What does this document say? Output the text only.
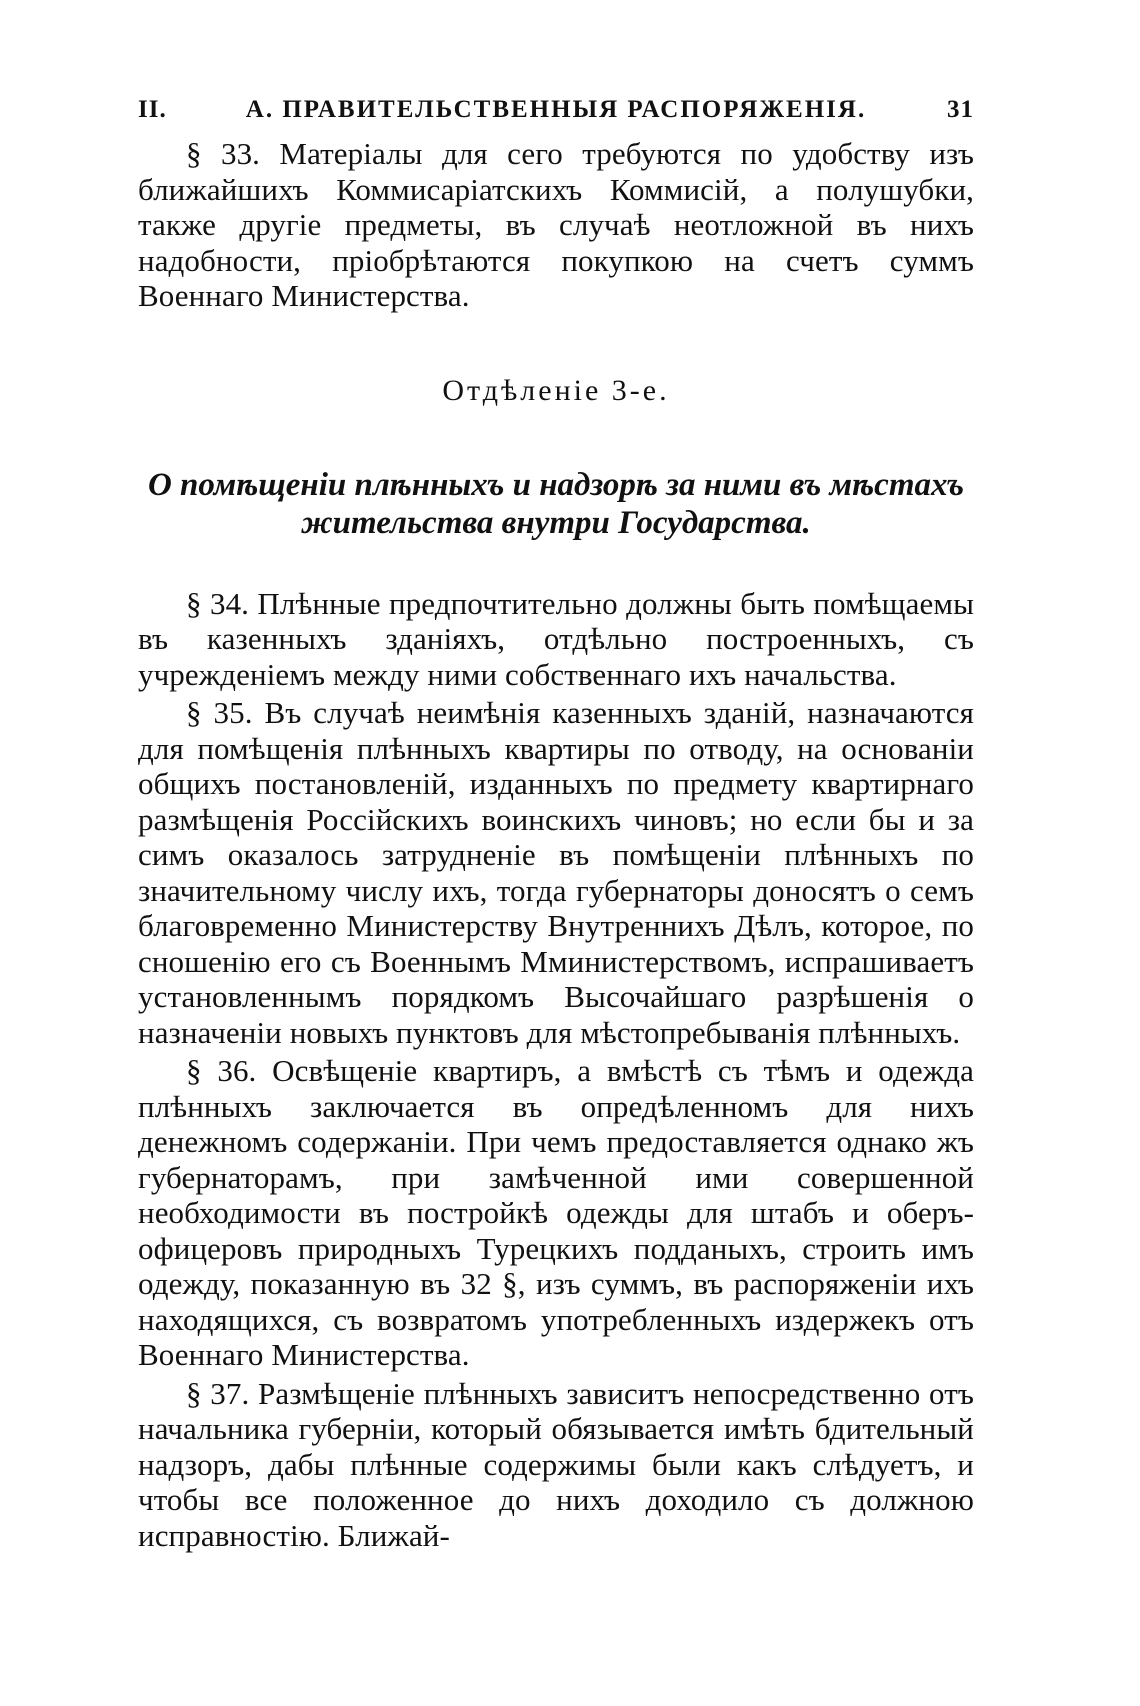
II.	А. ПРАВИТЕЛЬСТВЕННЫЯ РАСПОРЯЖЕНІЯ.	31

§ 33. Матеріалы для сего требуются по удобству изъ ближайшихъ Коммисаріатскихъ Коммисій, а полушубки, также другіе предметы, въ случаѣ неотложной въ нихъ надобности, пріобрѣтаются покупкою на счетъ суммъ Военнаго Министерства.

Отдѣленіе 3-е.
О помѣщеніи плѣнныхъ и надзорѣ за ними въ мѣстахъ жительства внутри Государства.

§ 34. Плѣнные предпочтительно должны быть помѣщаемы въ казенныхъ зданіяхъ, отдѣльно построенныхъ, съ учрежденіемъ между ними собственнаго ихъ начальства.

§ 35. Въ случаѣ неимѣнія казенныхъ зданій, назначаются для помѣщенія плѣнныхъ квартиры по отводу, на основаніи общихъ постановленій, изданныхъ по предмету квартирнаго размѣщенія Россійскихъ воинскихъ чиновъ; но если бы и за симъ оказалось затрудненіе въ помѣщеніи плѣнныхъ по значительному числу ихъ, тогда губернаторы доносятъ о семъ благовременно Министерству Внутреннихъ Дѣлъ, которое, по сношенію его съ Военнымъ Мминистерствомъ, испрашиваетъ установленнымъ порядкомъ Высочайшаго разрѣшенія о назначеніи новыхъ пунктовъ для мѣстопребыванія плѣнныхъ.

§ 36. Освѣщеніе квартиръ, а вмѣстѣ съ тѣмъ и одежда плѣнныхъ заключается въ опредѣленномъ для нихъ денежномъ содержаніи. При чемъ предоставляется однако жъ губернаторамъ, при замѣченной ими совершенной необходимости въ постройкѣ одежды для штабъ и оберъ-офицеровъ природныхъ Турецкихъ подданыхъ, строить имъ одежду, показанную въ 32 §, изъ суммъ, въ распоряженіи ихъ находящихся, съ возвратомъ употребленныхъ издержекъ отъ Военнаго Министерства.

§ 37. Размѣщеніе плѣнныхъ зависитъ непосредственно отъ начальника губерніи, который обязывается имѣть бдительный надзоръ, дабы плѣнные содержимы были какъ слѣдуетъ, и чтобы все положенное до нихъ доходило съ должною исправностію. Ближай-
